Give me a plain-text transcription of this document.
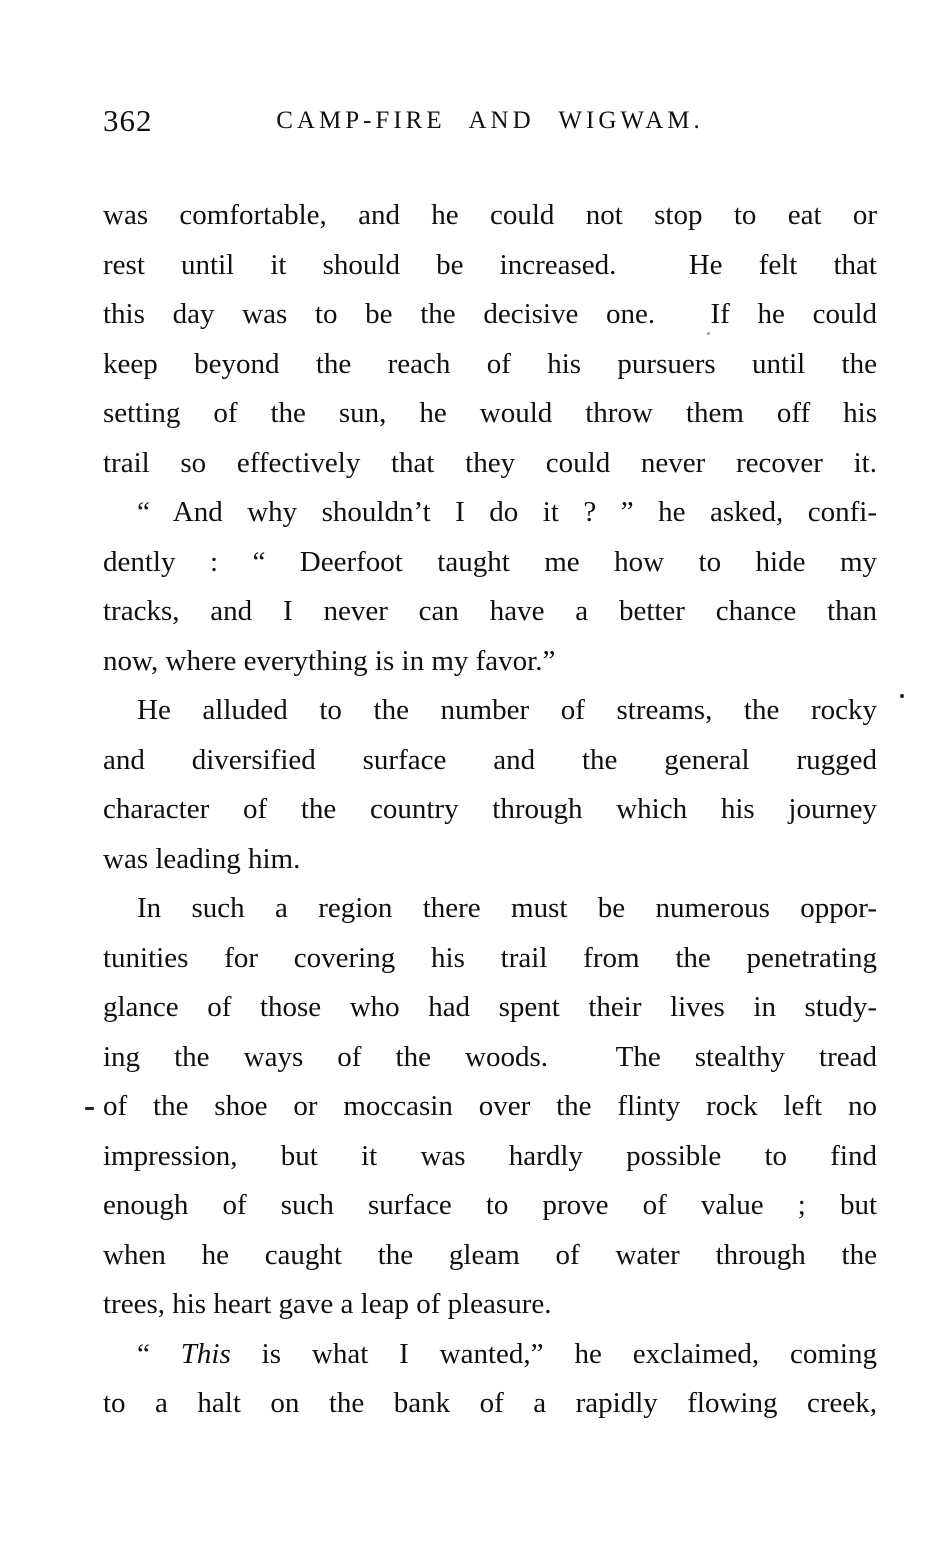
362	CAMP-FIRE AND WIGWAM.
was comfortable, and he could not stop to eat or
rest until it should be increased.  He felt that
this day was to be the decisive one.  If he could
keep beyond the reach of his pursuers until the
setting of the sun, he would throw them off his
trail so effectively that they could never recover it.
“ And why shouldn’t I do it ? ” he asked, confi-
dently : “ Deerfoot taught me how to hide my
tracks, and I never can have a better chance than
now, where everything is in my favor.”
He alluded to the number of streams, the rocky
and diversified surface and the general rugged
character of the country through which his journey
was leading him.
In such a region there must be numerous oppor-
tunities for covering his trail from the penetrating
glance of those who had spent their lives in study-
ing the ways of the woods.  The stealthy tread
of the shoe or moccasin over the flinty rock left no
impression, but it was hardly possible to find
enough of such surface to prove of value ; but
when he caught the gleam of water through the
trees, his heart gave a leap of pleasure.
“ This is what I wanted,” he exclaimed, coming
to a halt on the bank of a rapidly flowing creek,
